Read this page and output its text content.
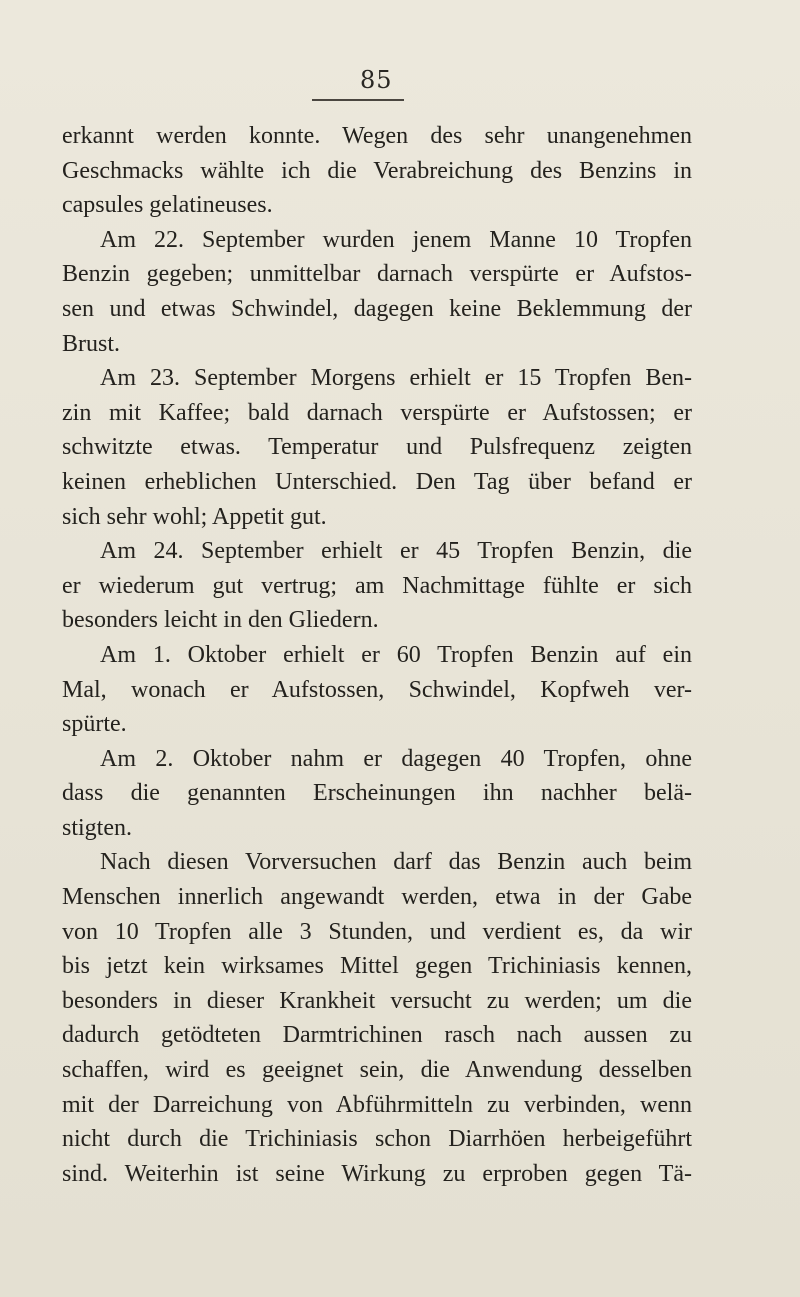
85
erkannt werden konnte. Wegen des sehr unangenehmen
Geschmacks wählte ich die Verabreichung des Benzins in
capsules gelatineuses.
Am 22. September wurden jenem Manne 10 Tropfen
Benzin gegeben; unmittelbar darnach verspürte er Aufstos-
sen und etwas Schwindel, dagegen keine Beklemmung der
Brust.
Am 23. September Morgens erhielt er 15 Tropfen Ben-
zin mit Kaffee; bald darnach verspürte er Aufstossen; er
schwitzte etwas. Temperatur und Pulsfrequenz zeigten
keinen erheblichen Unterschied. Den Tag über befand er
sich sehr wohl; Appetit gut.
Am 24. September erhielt er 45 Tropfen Benzin, die
er wiederum gut vertrug; am Nachmittage fühlte er sich
besonders leicht in den Gliedern.
Am 1. Oktober erhielt er 60 Tropfen Benzin auf ein
Mal, wonach er Aufstossen, Schwindel, Kopfweh ver-
spürte.
Am 2. Oktober nahm er dagegen 40 Tropfen, ohne
dass die genannten Erscheinungen ihn nachher belä-
stigten.
Nach diesen Vorversuchen darf das Benzin auch beim
Menschen innerlich angewandt werden, etwa in der Gabe
von 10 Tropfen alle 3 Stunden, und verdient es, da wir
bis jetzt kein wirksames Mittel gegen Trichiniasis kennen,
besonders in dieser Krankheit versucht zu werden; um die
dadurch getödteten Darmtrichinen rasch nach aussen zu
schaffen, wird es geeignet sein, die Anwendung desselben
mit der Darreichung von Abführmitteln zu verbinden, wenn
nicht durch die Trichiniasis schon Diarrhöen herbeigeführt
sind. Weiterhin ist seine Wirkung zu erproben gegen Tä-
